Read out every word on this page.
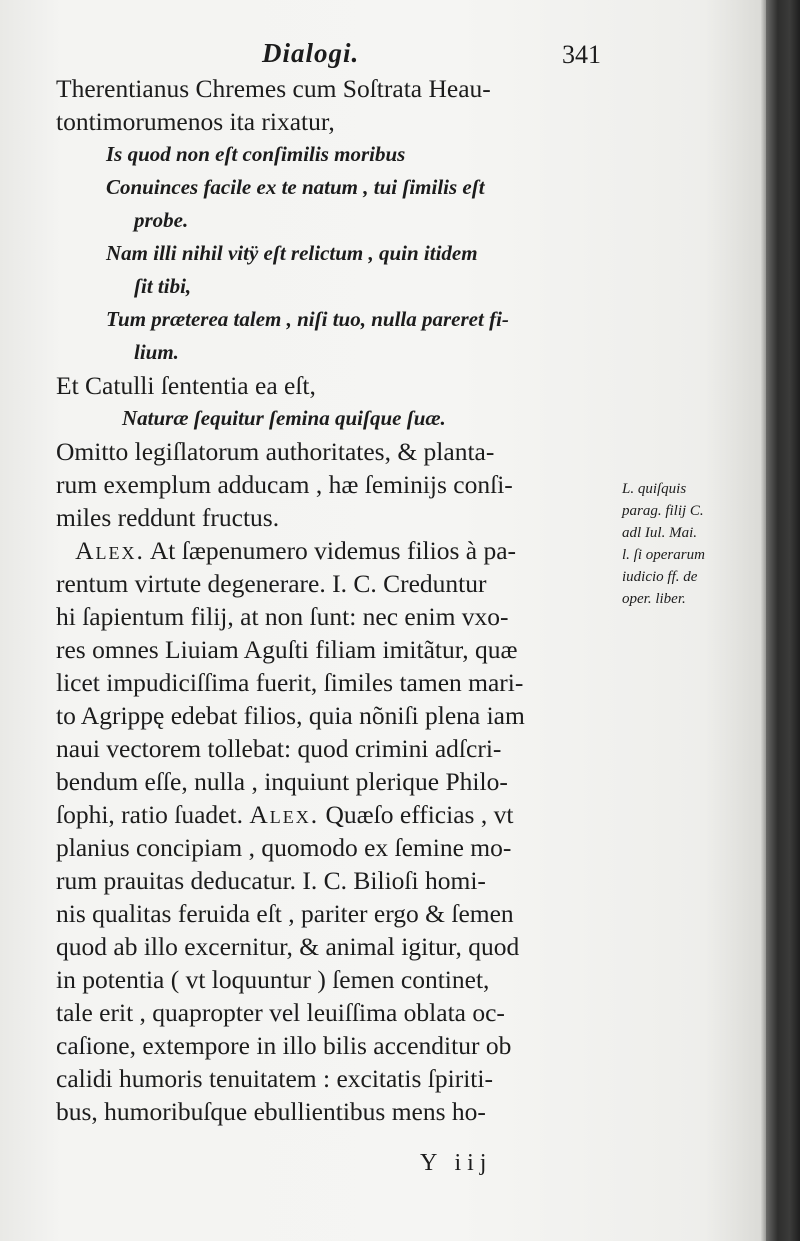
Dialogi.	341
Therentianus Chremes cum Soſtrata Heau-
tontimorumenos ita rixatur,
Is quod non eſt conſimilis moribus
Conuinces facile ex te natum , tui ſimilis eſt
probe.
Nam illi nihil vitÿ eſt relictum , quin itidem
ſit tibi,
Tum præterea talem , niſi tuo, nulla pareret fi-
lium.
Et Catulli ſententia ea eſt,
Naturæ ſequitur ſemina quiſque ſuæ.
Omitto legiſlatorum authoritates, & planta-
rum exemplum adducam , hæ ſeminijs conſi-
miles reddunt fructus.
Alex. At ſæpenumero videmus filios à pa-
rentum virtute degenerare. I. C. Creduntur
hi ſapientum filij, at non ſunt: nec enim vxo-
res omnes Liuiam Aguſti filiam imitãtur, quæ
licet impudiciſſima fuerit, ſimiles tamen mari-
to Agrippę edebat filios, quia nõniſi plena iam
naui vectorem tollebat: quod crimini adſcri-
bendum eſſe, nulla , inquiunt plerique Philo-
ſophi, ratio ſuadet. Alex. Quæſo efficias , vt
planius concipiam , quomodo ex ſemine mo-
rum prauitas deducatur. I. C. Bilioſi homi-
nis qualitas feruida eſt , pariter ergo & ſemen
quod ab illo excernitur, & animal igitur, quod
in potentia ( vt loquuntur ) ſemen continet,
tale erit , quapropter vel leuiſſima oblata oc-
caſione, extempore in illo bilis accenditur ob
calidi humoris tenuitatem : excitatis ſpiriti-
bus, humoribuſque ebullientibus mens ho-
L. quiſquis
parag. filij C.
adl Iul. Mai.
l. ſi operarum
iudicio ff. de
oper. liber.
Y iij
